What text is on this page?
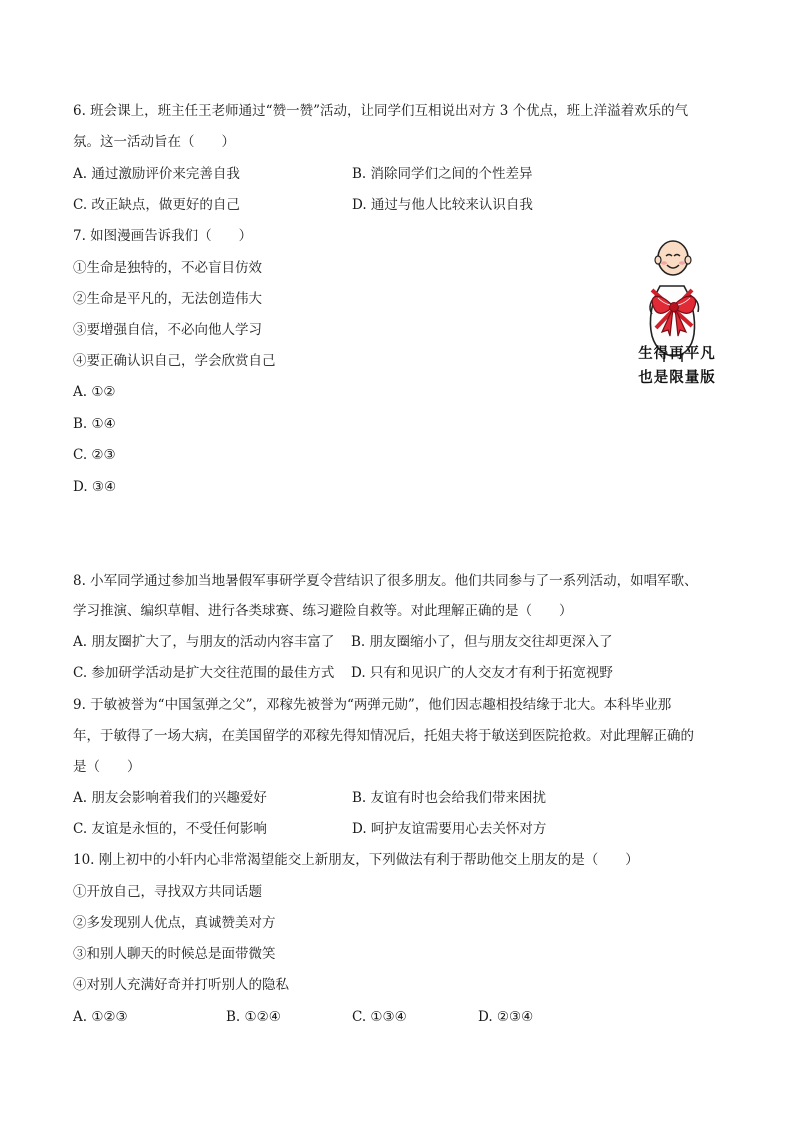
6. 班会课上，班主任王老师通过“赞一赞”活动，让同学们互相说出对方 3 个优点，班上洋溢着欢乐的气
氛。这一活动旨在（　　）
A. 通过激励评价来完善自我	B. 消除同学们之间的个性差异
C. 改正缺点，做更好的自己	D. 通过与他人比较来认识自我
7. 如图漫画告诉我们（　　）
①生命是独特的，不必盲目仿效
②生命是平凡的，无法创造伟大
③要增强自信，不必向他人学习
④要正确认识自己，学会欣赏自己
A. ①②
B. ①④
C. ②③
D. ③④
生得再平凡
也是限量版
8. 小军同学通过参加当地暑假军事研学夏令营结识了很多朋友。他们共同参与了一系列活动，如唱军歌、
学习推演、编织草帽、进行各类球赛、练习避险自救等。对此理解正确的是（　　）
A. 朋友圈扩大了，与朋友的活动内容丰富了 B. 朋友圈缩小了，但与朋友交往却更深入了
C. 参加研学活动是扩大交往范围的最佳方式 D. 只有和见识广的人交友才有利于拓宽视野
9. 于敏被誉为“中国氢弹之父”，邓稼先被誉为“两弹元勋”，他们因志趣相投结缘于北大。本科毕业那
年，于敏得了一场大病，在美国留学的邓稼先得知情况后，托姐夫将于敏送到医院抢救。对此理解正确的
是（　　）
A. 朋友会影响着我们的兴趣爱好	B. 友谊有时也会给我们带来困扰
C. 友谊是永恒的，不受任何影响	D. 呵护友谊需要用心去关怀对方
10. 刚上初中的小轩内心非常渴望能交上新朋友，下列做法有利于帮助他交上朋友的是（　　）
①开放自己，寻找双方共同话题
②多发现别人优点，真诚赞美对方
③和别人聊天的时候总是面带微笑
④对别人充满好奇并打听别人的隐私
A. ①②③	B. ①②④	C. ①③④	D. ②③④
